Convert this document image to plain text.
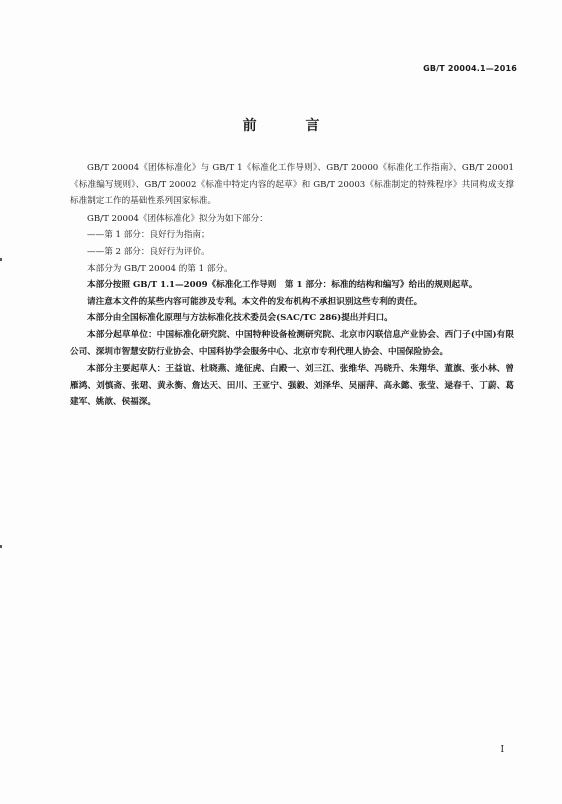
GB/T 20004.1—2016
前 言

GB/T 20004《团体标准化》与 GB/T 1《标准化工作导则》、GB/T 20000《标准化工作指南》、GB/T 20001《标准编写规则》、GB/T 20002《标准中特定内容的起草》和 GB/T 20003《标准制定的特殊程序》共同构成支撑标准制定工作的基础性系列国家标准。

GB/T 20004《团体标准化》拟分为如下部分：

——第 1 部分：良好行为指南；

——第 2 部分：良好行为评价。

本部分为 GB/T 20004 的第 1 部分。

本部分按照 GB/T 1.1—2009《标准化工作导则　第 1 部分：标准的结构和编写》给出的规则起草。

请注意本文件的某些内容可能涉及专利。本文件的发布机构不承担识别这些专利的责任。

本部分由全国标准化原理与方法标准化技术委员会(SAC/TC 286)提出并归口。

本部分起草单位：中国标准化研究院、中国特种设备检测研究院、北京市闪联信息产业协会、西门子(中国)有限公司、深圳市智慧安防行业协会、中国科协学会服务中心、北京市专利代理人协会、中国保险协会。

本部分主要起草人：王益谊、杜晓燕、逄征虎、白殿一、刘三江、张维华、冯晓升、朱翔华、董旗、张小林、曾雁鸿、刘慎斋、张珺、黄永衡、詹达天、田川、王亚宁、强毅、刘泽华、吴丽萍、高永懿、张莹、逯春千、丁蔚、葛建军、姚歆、侯福深。

I
